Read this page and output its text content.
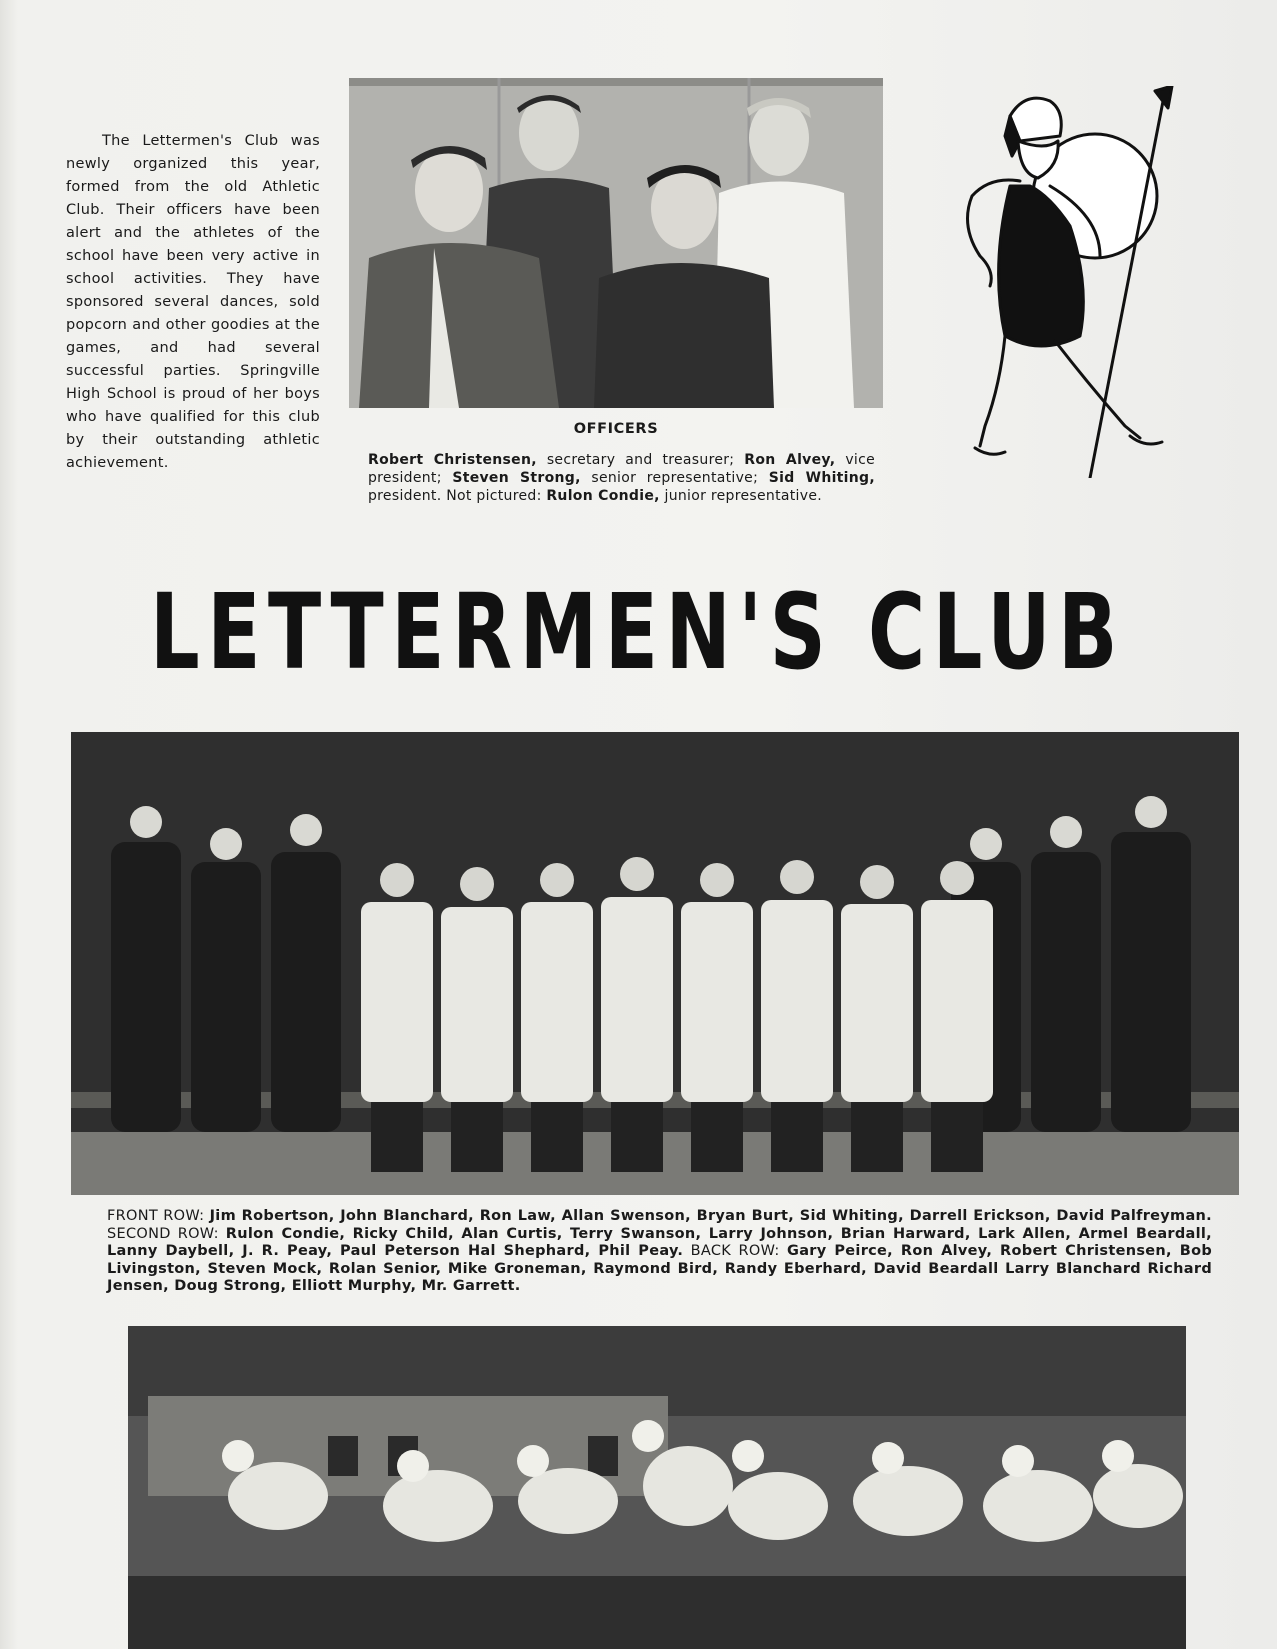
The Lettermen's Club was newly organized this year, formed from the old Athletic Club. Their officers have been alert and the athletes of the school have been very active in school activities. They have sponsored several dances, sold popcorn and other goodies at the games, and had several successful parties. Springville High School is proud of her boys who have qualified for this club by their outstanding athletic achievement.

OFFICERS

Robert Christensen, secretary and treasurer; Ron Alvey, vice president; Steven Strong, senior representative; Sid Whiting, president. Not pictured: Rulon Condie, junior representative.

LETTERMEN'S CLUB

FRONT ROW: Jim Robertson, John Blanchard, Ron Law, Allan Swenson, Bryan Burt, Sid Whiting, Darrell Erickson, David Palfreyman. SECOND ROW: Rulon Condie, Ricky Child, Alan Curtis, Terry Swanson, Larry Johnson, Brian Harward, Lark Allen, Armel Beardall, Lanny Daybell, J. R. Peay, Paul Peterson Hal Shephard, Phil Peay. BACK ROW: Gary Peirce, Ron Alvey, Robert Christensen, Bob Livingston, Steven Mock, Rolan Senior, Mike Groneman, Raymond Bird, Randy Eberhard, David Beardall Larry Blanchard Richard Jensen, Doug Strong, Elliott Murphy, Mr. Garrett.
